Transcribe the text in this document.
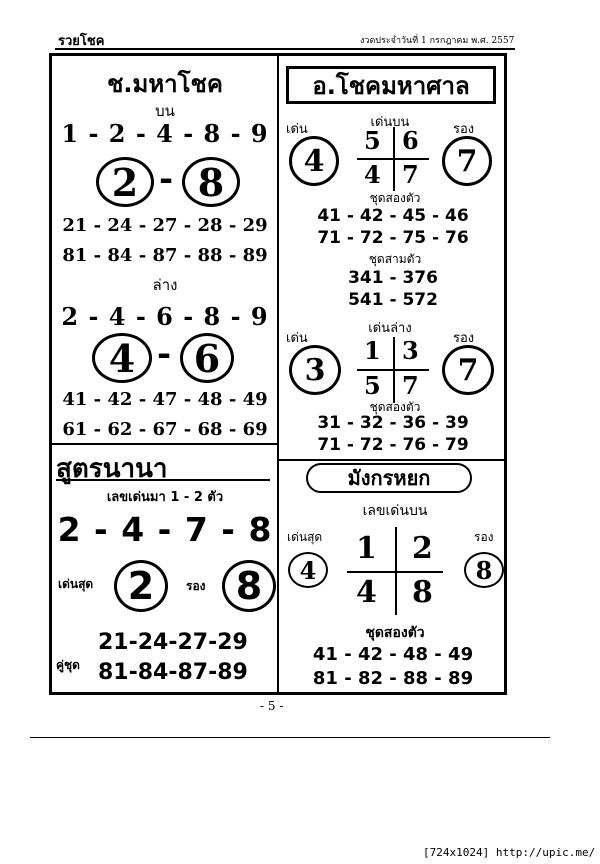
รวยโชค	งวดประจำวันที่ 1 กรกฎาคม พ.ศ. 2557
ช.มหาโชค
บน
1 - 2 - 4 - 8 - 9
2 - 8
21 - 24 - 27 - 28 - 29
81 - 84 - 87 - 88 - 89
ล่าง
2 - 4 - 6 - 8 - 9
4 - 6
41 - 42 - 47 - 48 - 49
61 - 62 - 67 - 68 - 69
สูตรนานา
เลขเด่นมา 1 - 2 ตัว
2 - 4 - 7 - 8
เด่นสุด 2	รอง 8
คู่ชุด
21-24-27-29
81-84-87-89
อ.โชคมหาศาล
เด่น	เด่นบน	รอง
4	7
5 6
4 7
ชุดสองตัว
41 - 42 - 45 - 46
71 - 72 - 75 - 76
ชุดสามตัว
341 - 376
541 - 572
เด่น
เด่นล่าง
รอง
3	7
1 3
5 7
ชุดสองตัว
31 - 32 - 36 - 39
71 - 72 - 76 - 79
มังกรหยก
เลขเด่นบน
เด่นสุด	รอง
4	8
1 2
4 8
ชุดสองตัว
41 - 42 - 48 - 49
81 - 82 - 88 - 89
- 5 -
[724x1024] http://upic.me/
